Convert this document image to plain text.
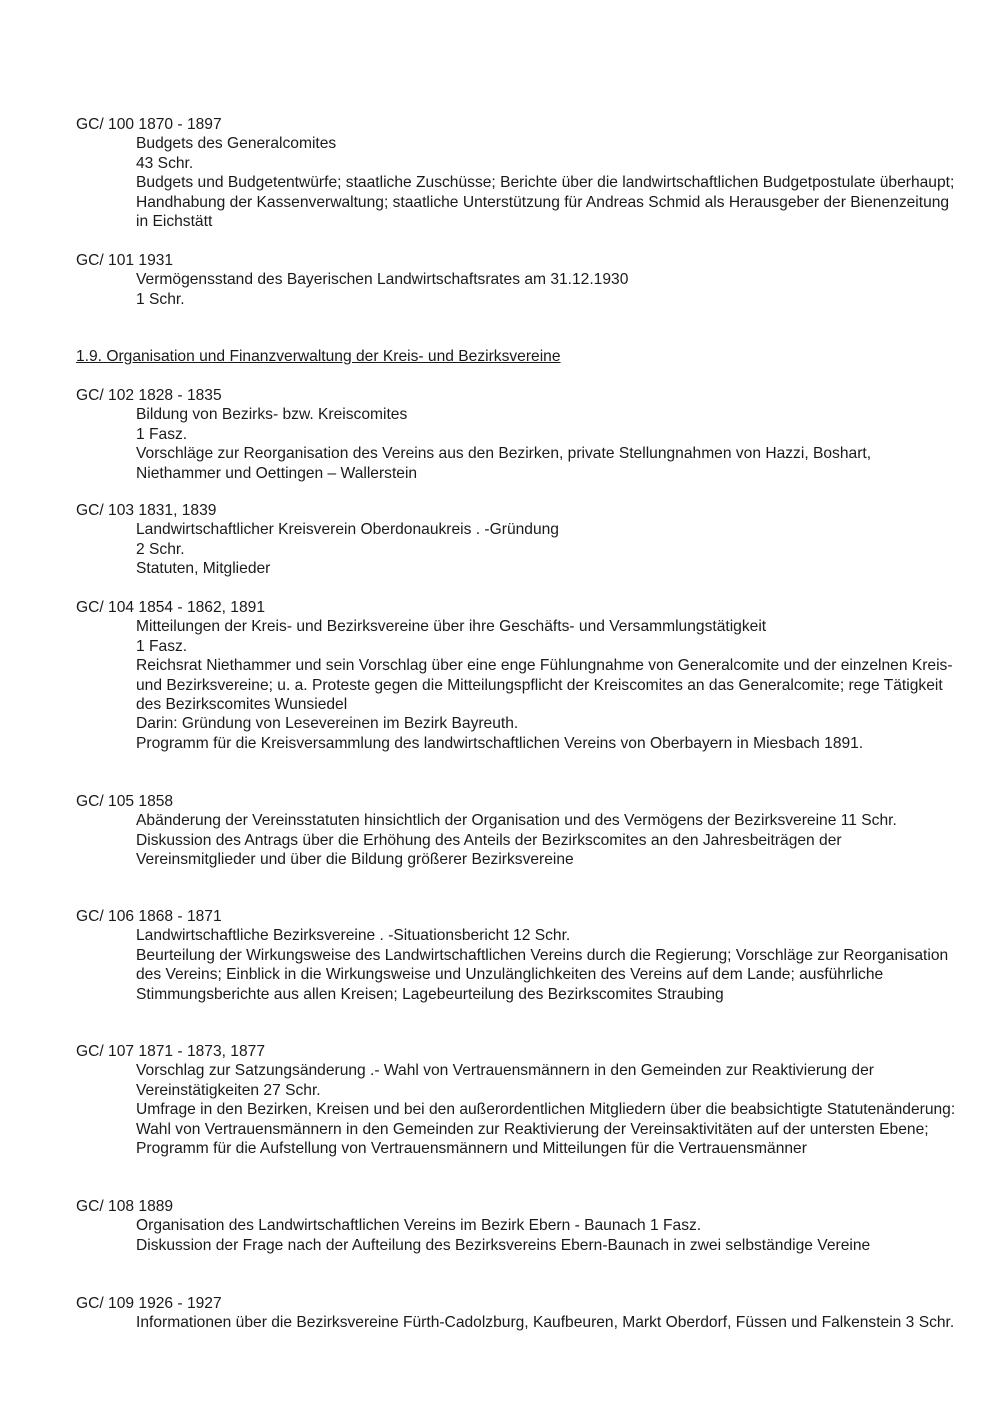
GC/ 100 1870 - 1897
Budgets des Generalcomites
43 Schr.
Budgets und Budgetentwürfe; staatliche Zuschüsse; Berichte über die landwirtschaftlichen Budgetpostulate überhaupt; Handhabung der Kassenverwaltung; staatliche Unterstützung für Andreas Schmid als Herausgeber der Bienenzeitung in Eichstätt
GC/ 101 1931
Vermögensstand des Bayerischen Landwirtschaftsrates am 31.12.1930
1 Schr.
1.9. Organisation und Finanzverwaltung der Kreis- und Bezirksvereine
GC/ 102 1828 - 1835
Bildung von Bezirks- bzw. Kreiscomites
1 Fasz.
Vorschläge zur Reorganisation des Vereins aus den Bezirken, private Stellungnahmen von Hazzi, Boshart, Niethammer und Oettingen – Wallerstein
GC/ 103 1831, 1839
Landwirtschaftlicher Kreisverein Oberdonaukreis . -Gründung
2 Schr.
Statuten, Mitglieder
GC/ 104 1854 - 1862, 1891
Mitteilungen der Kreis- und Bezirksvereine über ihre Geschäfts- und Versammlungstätigkeit
1 Fasz.
Reichsrat Niethammer und sein Vorschlag über eine enge Fühlungnahme von Generalcomite und der einzelnen Kreis- und Bezirksvereine; u. a. Proteste gegen die Mitteilungspflicht der Kreiscomites an das Generalcomite; rege Tätigkeit des Bezirkscomites Wunsiedel
Darin: Gründung von Lesevereinen im Bezirk Bayreuth.
Programm für die Kreisversammlung des landwirtschaftlichen Vereins von Oberbayern in Miesbach 1891.
GC/ 105 1858
Abänderung der Vereinsstatuten hinsichtlich der Organisation und des Vermögens der Bezirksvereine 11 Schr.
Diskussion des Antrags über die Erhöhung des Anteils der Bezirkscomites an den Jahresbeiträgen der Vereinsmitglieder und über die Bildung größerer Bezirksvereine
GC/ 106 1868 - 1871
Landwirtschaftliche Bezirksvereine . -Situationsbericht 12 Schr.
Beurteilung der Wirkungsweise des Landwirtschaftlichen Vereins durch die Regierung; Vorschläge zur Reorganisation des Vereins; Einblick in die Wirkungsweise und Unzulänglichkeiten des Vereins auf dem Lande; ausführliche Stimmungsberichte aus allen Kreisen; Lagebeurteilung des Bezirkscomites Straubing
GC/ 107 1871 - 1873, 1877
Vorschlag zur Satzungsänderung .- Wahl von Vertrauensmännern in den Gemeinden zur Reaktivierung der Vereinstätigkeiten 27 Schr.
Umfrage in den Bezirken, Kreisen und bei den außerordentlichen Mitgliedern über die beabsichtigte Statutenänderung: Wahl von Vertrauensmännern in den Gemeinden zur Reaktivierung der Vereinsaktivitäten auf der untersten Ebene; Programm für die Aufstellung von Vertrauensmännern und Mitteilungen für die Vertrauensmänner
GC/ 108 1889
Organisation des Landwirtschaftlichen Vereins im Bezirk Ebern - Baunach 1 Fasz.
Diskussion der Frage nach der Aufteilung des Bezirksvereins Ebern-Baunach in zwei selbständige Vereine
GC/ 109 1926 - 1927
Informationen über die Bezirksvereine Fürth-Cadolzburg, Kaufbeuren, Markt Oberdorf, Füssen und Falkenstein 3 Schr.
